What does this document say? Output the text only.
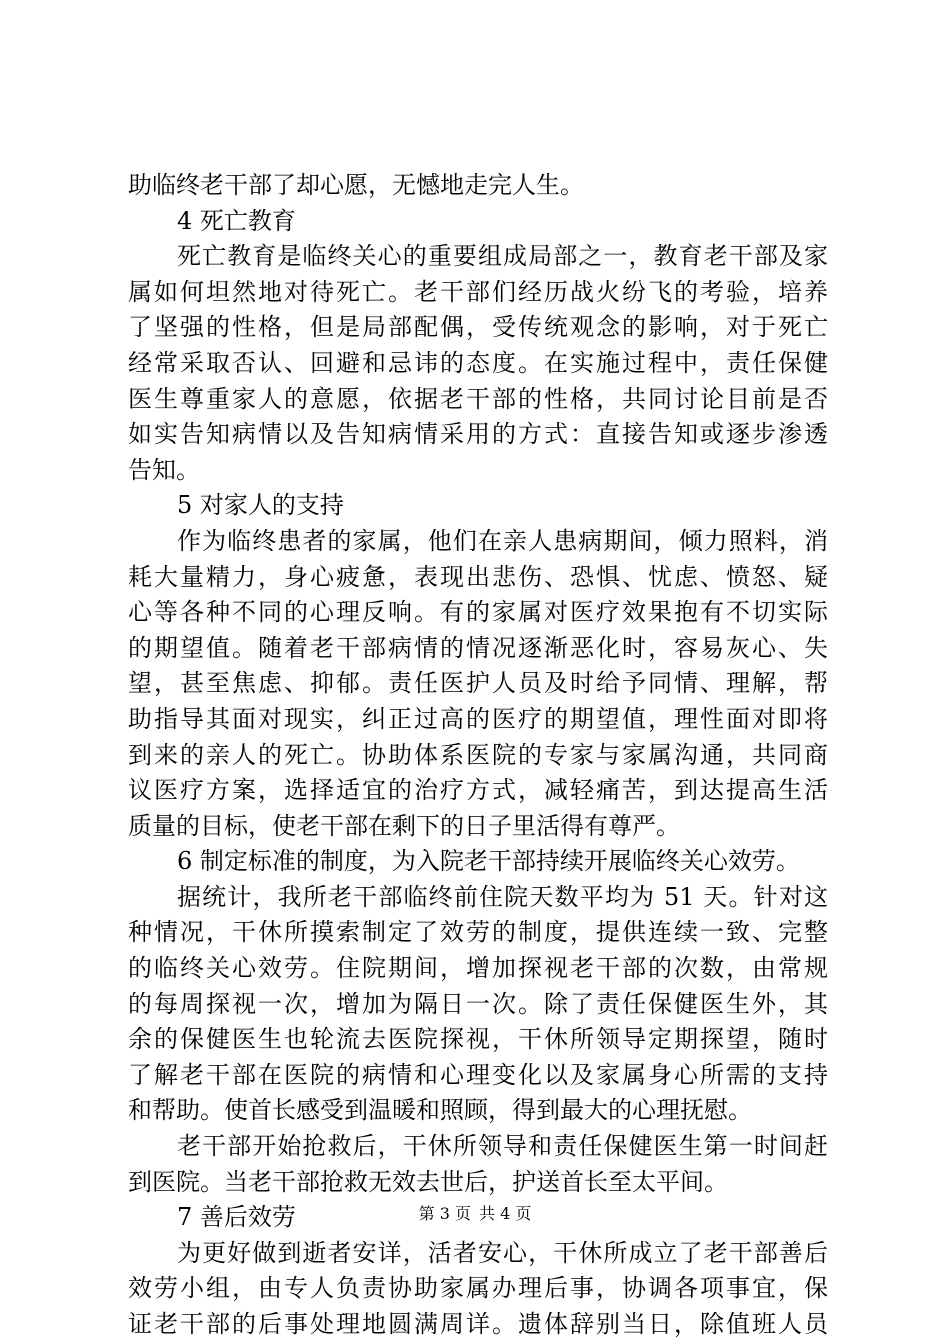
助临终老干部了却心愿，无憾地走完人生。
4 死亡教育
死亡教育是临终关心的重要组成局部之一，教育老干部及家
属如何坦然地对待死亡。老干部们经历战火纷飞的考验，培养
了坚强的性格，但是局部配偶，受传统观念的影响，对于死亡
经常采取否认、回避和忌讳的态度。在实施过程中，责任保健
医生尊重家人的意愿，依据老干部的性格，共同讨论目前是否
如实告知病情以及告知病情采用的方式：直接告知或逐步渗透
告知。
5 对家人的支持
作为临终患者的家属，他们在亲人患病期间，倾力照料，消
耗大量精力，身心疲惫，表现出悲伤、恐惧、忧虑、愤怒、疑
心等各种不同的心理反响。有的家属对医疗效果抱有不切实际
的期望值。随着老干部病情的情况逐渐恶化时，容易灰心、失
望，甚至焦虑、抑郁。责任医护人员及时给予同情、理解，帮
助指导其面对现实，纠正过高的医疗的期望值，理性面对即将
到来的亲人的死亡。协助体系医院的专家与家属沟通，共同商
议医疗方案，选择适宜的治疗方式，减轻痛苦，到达提高生活
质量的目标，使老干部在剩下的日子里活得有尊严。
6 制定标准的制度，为入院老干部持续开展临终关心效劳。
据统计，我所老干部临终前住院天数平均为 51 天。针对这
种情况，干休所摸索制定了效劳的制度，提供连续一致、完整
的临终关心效劳。住院期间，增加探视老干部的次数，由常规
的每周探视一次，增加为隔日一次。除了责任保健医生外，其
余的保健医生也轮流去医院探视，干休所领导定期探望，随时
了解老干部在医院的病情和心理变化以及家属身心所需的支持
和帮助。使首长感受到温暖和照顾，得到最大的心理抚慰。
老干部开始抢救后，干休所领导和责任保健医生第一时间赶
到医院。当老干部抢救无效去世后，护送首长至太平间。
7 善后效劳
为更好做到逝者安详，活者安心，干休所成立了老干部善后
效劳小组，由专人负责协助家属办理后事，协调各项事宜，保
证老干部的后事处理地圆满周详。遗体辞别当日，除值班人员
第 3 页 共 4 页
